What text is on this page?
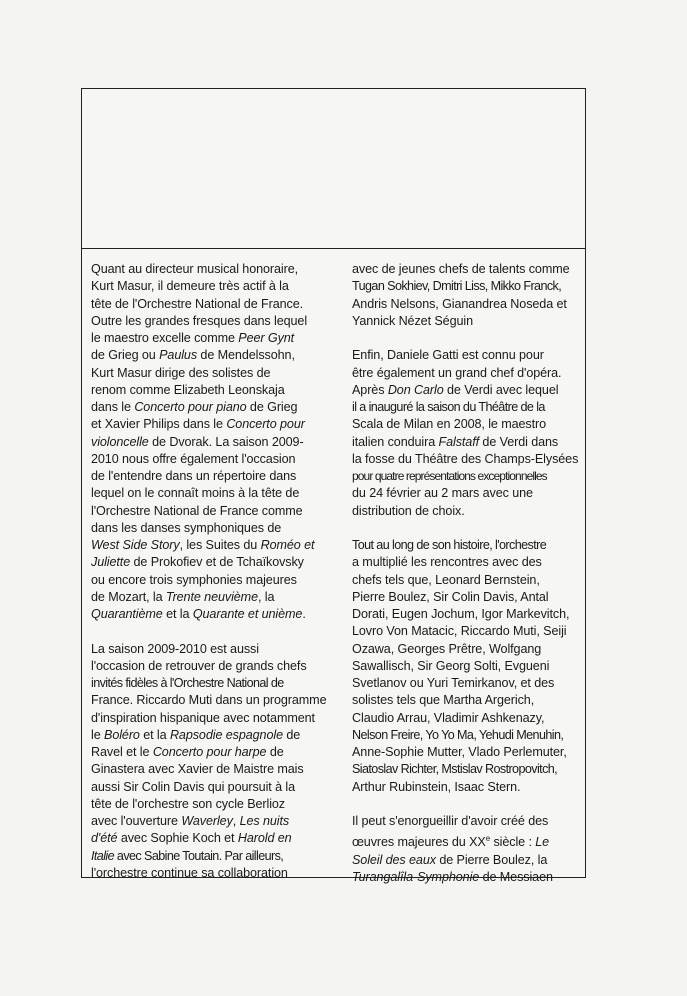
Quant au directeur musical honoraire,
Kurt Masur, il demeure très actif à la
tête de l'Orchestre National de France.
Outre les grandes fresques dans lequel
le maestro excelle comme Peer Gynt
de Grieg ou Paulus de Mendelssohn,
Kurt Masur dirige des solistes de
renom comme Elizabeth Leonskaja
dans le Concerto pour piano de Grieg
et Xavier Philips dans le Concerto pour
violoncelle de Dvorak. La saison 2009-
2010 nous offre également l'occasion
de l'entendre dans un répertoire dans
lequel on le connaît moins à la tête de
l'Orchestre National de France comme
dans les danses symphoniques de
West Side Story, les Suites du Roméo et
Juliette de Prokofiev et de Tchaïkovsky
ou encore trois symphonies majeures
de Mozart, la Trente neuvième, la
Quarantième et la Quarante et unième.
La saison 2009-2010 est aussi
l'occasion de retrouver de grands chefs
invités fidèles à l'Orchestre National de
France. Riccardo Muti dans un programme
d'inspiration hispanique avec notamment
le Boléro et la Rapsodie espagnole de
Ravel et le Concerto pour harpe de
Ginastera avec Xavier de Maistre mais
aussi Sir Colin Davis qui poursuit à la
tête de l'orchestre son cycle Berlioz
avec l'ouverture Waverley, Les nuits
d'été avec Sophie Koch et Harold en
Italie avec Sabine Toutain. Par ailleurs,
l'orchestre continue sa collaboration
avec de jeunes chefs de talents comme
Tugan Sokhiev, Dmitri Liss, Mikko Franck,
Andris Nelsons, Gianandrea Noseda et
Yannick Nézet Séguin
Enfin, Daniele Gatti est connu pour
être également un grand chef d'opéra.
Après Don Carlo de Verdi avec lequel
il a inauguré la saison du Théâtre de la
Scala de Milan en 2008, le maestro
italien conduira Falstaff de Verdi dans
la fosse du Théâtre des Champs-Elysées
pour quatre représentations exceptionnelles
du 24 février au 2 mars avec une
distribution de choix.
Tout au long de son histoire, l'orchestre
a multiplié les rencontres avec des
chefs tels que, Leonard Bernstein,
Pierre Boulez, Sir Colin Davis, Antal
Dorati, Eugen Jochum, Igor Markevitch,
Lovro Von Matacic, Riccardo Muti, Seiji
Ozawa, Georges Prêtre, Wolfgang
Sawallisch, Sir Georg Solti, Evgueni
Svetlanov ou Yuri Temirkanov, et des
solistes tels que Martha Argerich,
Claudio Arrau, Vladimir Ashkenazy,
Nelson Freire, Yo Yo Ma, Yehudi Menuhin,
Anne-Sophie Mutter, Vlado Perlemuter,
Siatoslav Richter, Mstislav Rostropovitch,
Arthur Rubinstein, Isaac Stern.
Il peut s'enorgueillir d'avoir créé des
œuvres majeures du XXe siècle : Le
Soleil des eaux de Pierre Boulez, la
Turangalîla-Symphonie de Messiaen
